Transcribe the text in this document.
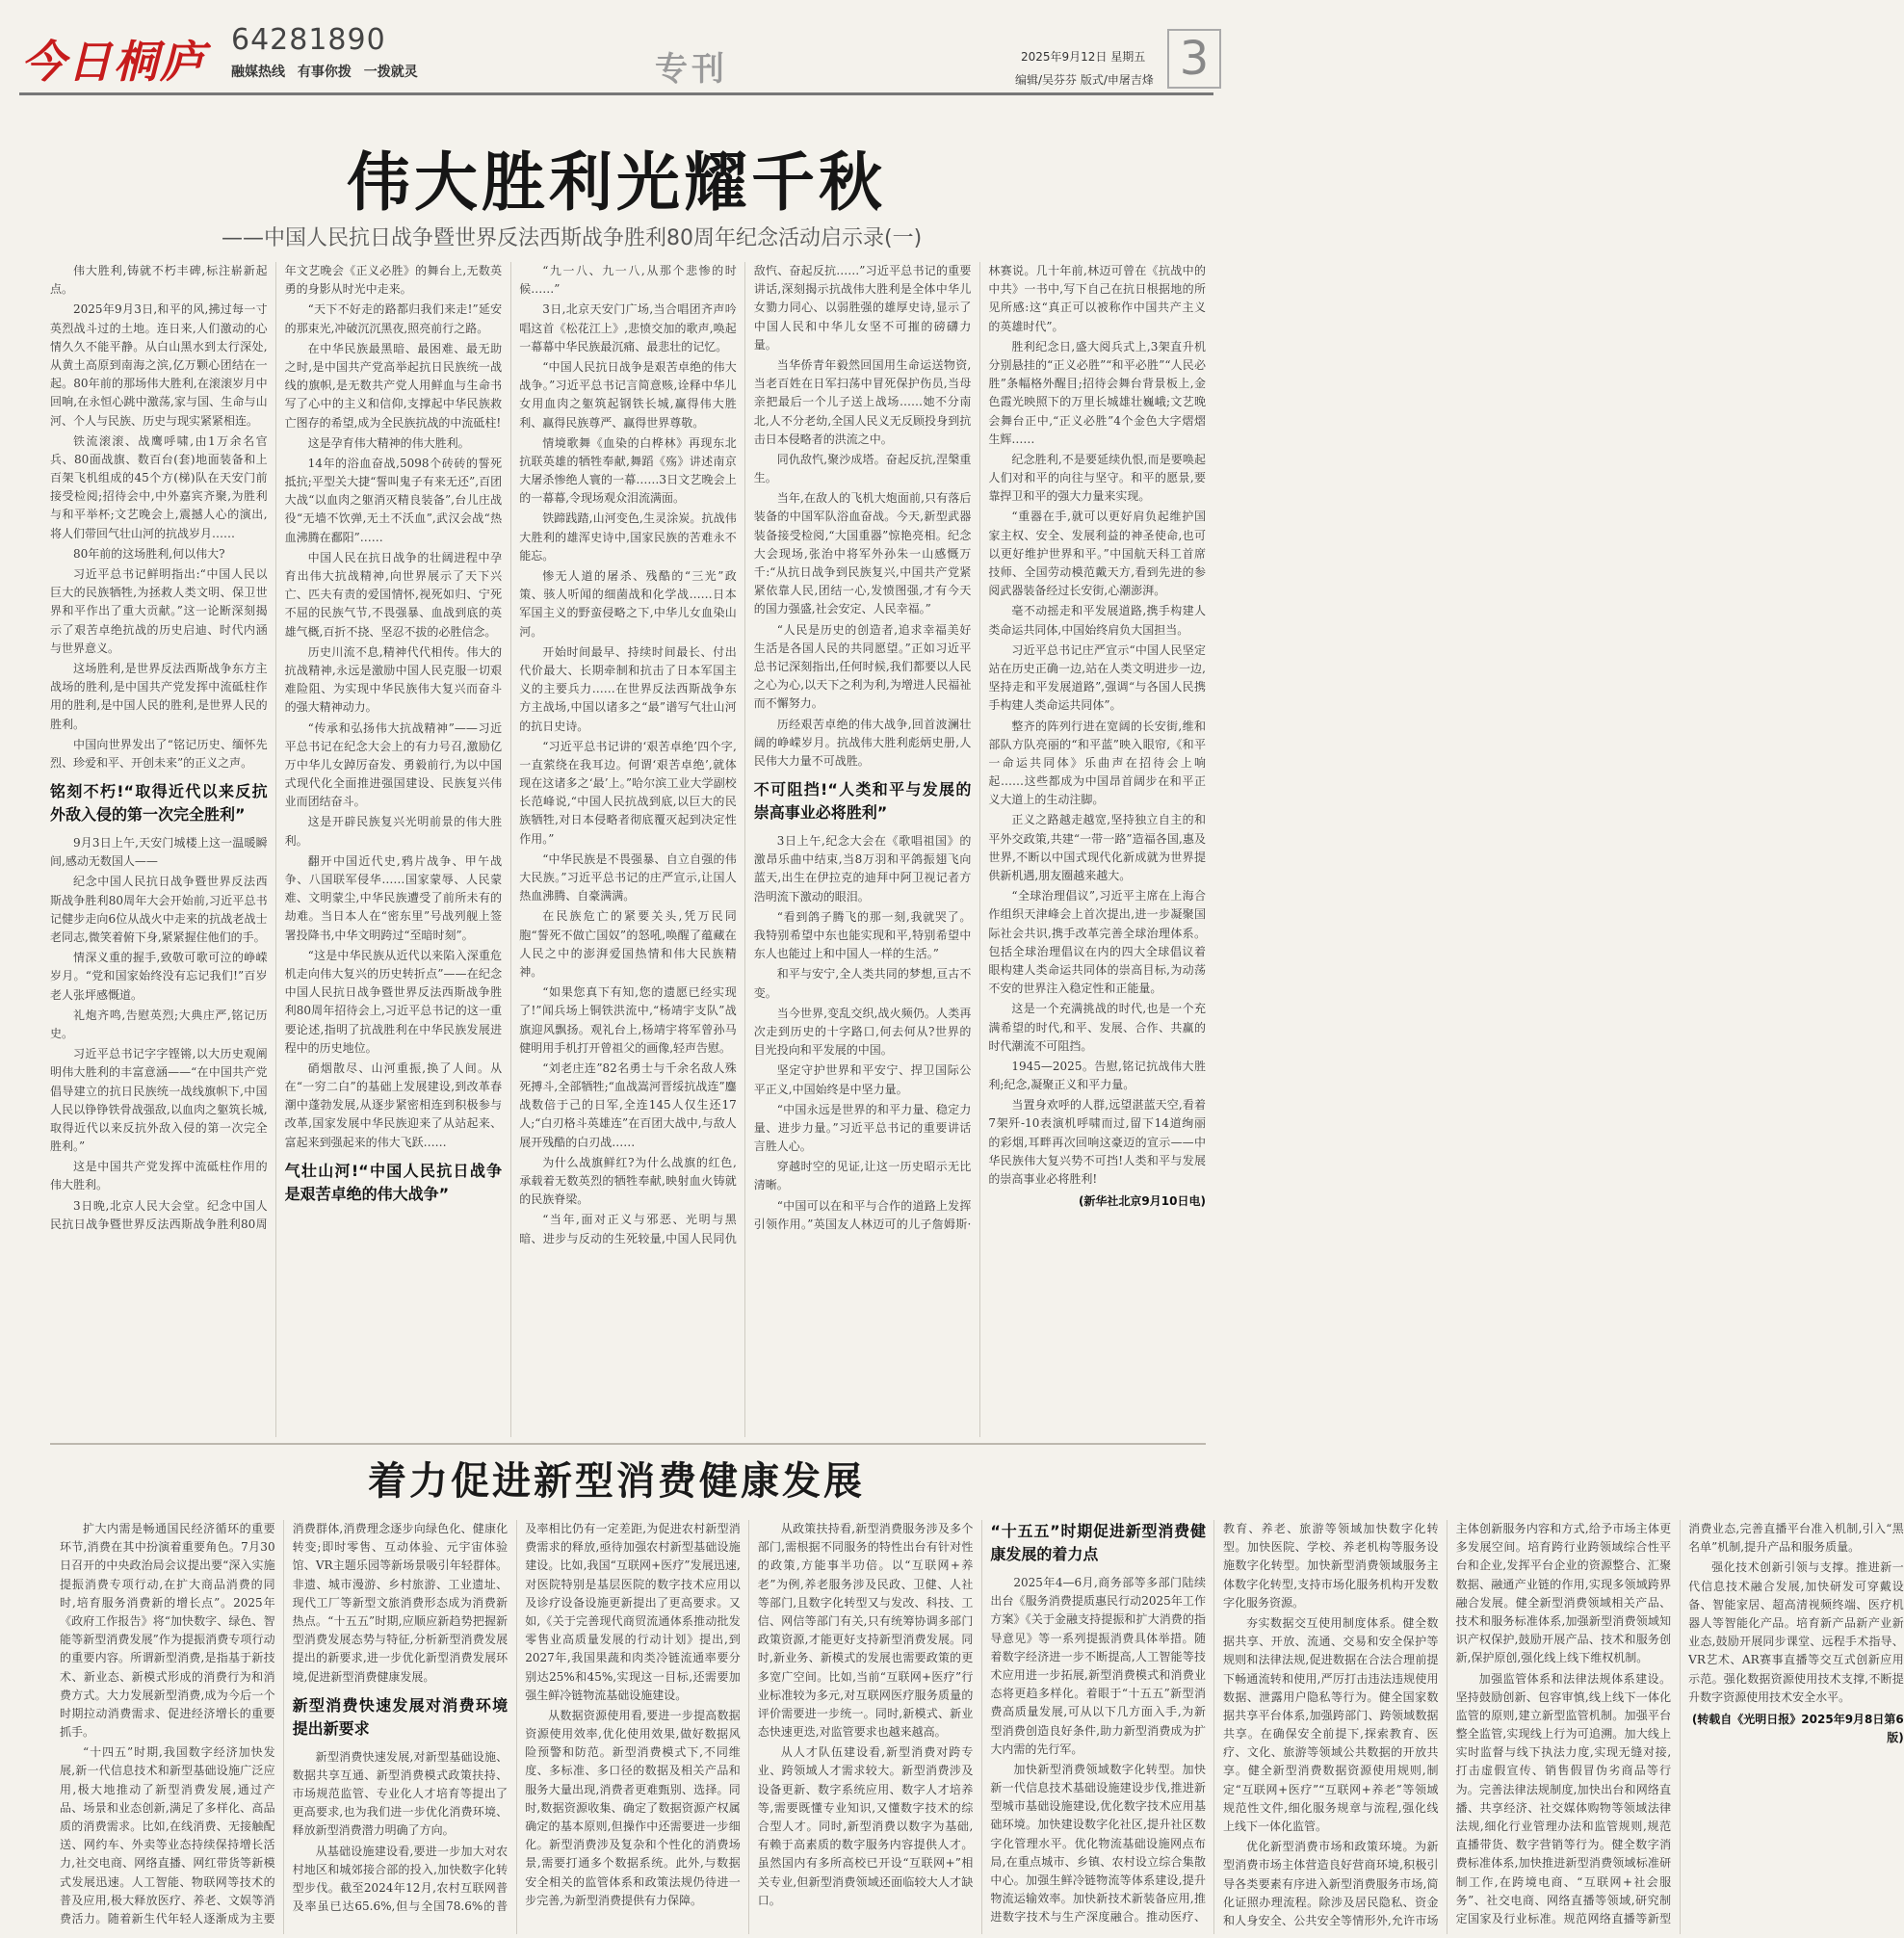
今日桐庐 64281890
融媒热线 有事你拨 一拨就灵	专刊	2025年9月12日 星期五
编辑/吴芬芬 版式/申屠吉烽 3
伟大胜利光耀千秋
——中国人民抗日战争暨世界反法西斯战争胜利80周年纪念活动启示录(一)

伟大胜利,铸就不朽丰碑,标注崭新起点。

2025年9月3日,和平的风,拂过每一寸英烈战斗过的土地。连日来,人们激动的心情久久不能平静。从白山黑水到太行深处,从黄土高原到南海之滨,亿万颗心团结在一起。80年前的那场伟大胜利,在滚滚岁月中回响,在永恒心跳中激荡,家与国、生命与山河、个人与民族、历史与现实紧紧相连。

铁流滚滚、战鹰呼啸,由1万余名官兵、80面战旗、数百台(套)地面装备和上百架飞机组成的45个方(梯)队在天安门前接受检阅;招待会中,中外嘉宾齐聚,为胜利与和平举杯;文艺晚会上,震撼人心的演出,将人们带回气壮山河的抗战岁月……

80年前的这场胜利,何以伟大?

习近平总书记鲜明指出:“中国人民以巨大的民族牺牲,为拯救人类文明、保卫世界和平作出了重大贡献。”这一论断深刻揭示了艰苦卓绝抗战的历史启迪、时代内涵与世界意义。

这场胜利,是世界反法西斯战争东方主战场的胜利,是中国共产党发挥中流砥柱作用的胜利,是中国人民的胜利,是世界人民的胜利。

中国向世界发出了“铭记历史、缅怀先烈、珍爱和平、开创未来”的正义之声。

铭刻不朽!“取得近代以来反抗外敌入侵的第一次完全胜利”

9月3日上午,天安门城楼上这一温暖瞬间,感动无数国人——

纪念中国人民抗日战争暨世界反法西斯战争胜利80周年大会开始前,习近平总书记健步走向6位从战火中走来的抗战老战士老同志,微笑着俯下身,紧紧握住他们的手。

情深义重的握手,致敬可歌可泣的峥嵘岁月。“党和国家始终没有忘记我们!”百岁老人张坪感慨道。

礼炮齐鸣,告慰英烈;大典庄严,铭记历史。

习近平总书记字字铿锵,以大历史观阐明伟大胜利的丰富意涵——“在中国共产党倡导建立的抗日民族统一战线旗帜下,中国人民以铮铮铁骨战强敌,以血肉之躯筑长城,取得近代以来反抗外敌入侵的第一次完全胜利。”

这是中国共产党发挥中流砥柱作用的伟大胜利。

3日晚,北京人民大会堂。纪念中国人民抗日战争暨世界反法西斯战争胜利80周年文艺晚会《正义必胜》的舞台上,无数英勇的身影从时光中走来。

“天下不好走的路都归我们来走!”延安的那束光,冲破沉沉黑夜,照亮前行之路。

在中华民族最黑暗、最困难、最无助之时,是中国共产党高举起抗日民族统一战线的旗帜,是无数共产党人用鲜血与生命书写了心中的主义和信仰,支撑起中华民族救亡图存的希望,成为全民族抗战的中流砥柱!

这是孕育伟大精神的伟大胜利。

14年的浴血奋战,5098个砖砖的誓死抵抗;平型关大捷“誓叫鬼子有来无还”,百团大战“以血肉之躯消灭精良装备”,台儿庄战役“无墙不饮弹,无土不沃血”,武汉会战“热血沸腾在鄱阳”……

中国人民在抗日战争的壮阔进程中孕育出伟大抗战精神,向世界展示了天下兴亡、匹夫有责的爱国情怀,视死如归、宁死不屈的民族气节,不畏强暴、血战到底的英雄气概,百折不挠、坚忍不拔的必胜信念。

历史川流不息,精神代代相传。伟大的抗战精神,永远是激励中国人民克服一切艰难险阻、为实现中华民族伟大复兴而奋斗的强大精神动力。

“传承和弘扬伟大抗战精神”——习近平总书记在纪念大会上的有力号召,激励亿万中华儿女踔厉奋发、勇毅前行,为以中国式现代化全面推进强国建设、民族复兴伟业而团结奋斗。

这是开辟民族复兴光明前景的伟大胜利。

翻开中国近代史,鸦片战争、甲午战争、八国联军侵华……国家蒙辱、人民蒙难、文明蒙尘,中华民族遭受了前所未有的劫难。当日本人在“密东里”号战列舰上签署投降书,中华文明跨过“至暗时刻”。

“这是中华民族从近代以来陷入深重危机走向伟大复兴的历史转折点”——在纪念中国人民抗日战争暨世界反法西斯战争胜利80周年招待会上,习近平总书记的这一重要论述,指明了抗战胜利在中华民族发展进程中的历史地位。

硝烟散尽、山河重振,换了人间。从在“一穷二白”的基础上发展建设,到改革春潮中蓬勃发展,从逐步紧密相连到积极参与改革,国家发展中华民族迎来了从站起来、富起来到强起来的伟大飞跃……

气壮山河!“中国人民抗日战争是艰苦卓绝的伟大战争”

“九一八、九一八,从那个悲惨的时候……”

3日,北京天安门广场,当合唱团齐声吟唱这首《松花江上》,悲愤交加的歌声,唤起一幕幕中华民族最沉痛、最悲壮的记忆。

“中国人民抗日战争是艰苦卓绝的伟大战争。”习近平总书记言简意赅,诠释中华儿女用血肉之躯筑起钢铁长城,赢得伟大胜利、赢得民族尊严、赢得世界尊敬。

情境歌舞《血染的白桦林》再现东北抗联英雄的牺牲奉献,舞蹈《殇》讲述南京大屠杀惨绝人寰的一幕……3日文艺晚会上的一幕幕,令现场观众泪流满面。

铁蹄践踏,山河变色,生灵涂炭。抗战伟大胜利的雄浑史诗中,国家民族的苦难永不能忘。

惨无人道的屠杀、残酷的“三光”政策、骇人听闻的细菌战和化学战……日本军国主义的野蛮侵略之下,中华儿女血染山河。

开始时间最早、持续时间最长、付出代价最大、长期牵制和抗击了日本军国主义的主要兵力……在世界反法西斯战争东方主战场,中国以诸多之“最”谱写气壮山河的抗日史诗。

“习近平总书记讲的‘艰苦卓绝’四个字,一直萦绕在我耳边。何谓‘艰苦卓绝’,就体现在这诸多之‘最’上。”哈尔滨工业大学副校长范峰说,“中国人民抗战到底,以巨大的民族牺牲,对日本侵略者彻底覆灭起到决定性作用。”

“中华民族是不畏强暴、自立自强的伟大民族。”习近平总书记的庄严宣示,让国人热血沸腾、自豪满满。

在民族危亡的紧要关头,凭万民同胞“誓死不做亡国奴”的怒吼,唤醒了蕴藏在人民之中的澎湃爱国热情和伟大民族精神。

“如果您真下有知,您的遗愿已经实现了!”闻兵场上铜铁洪流中,“杨靖宇支队”战旗迎风飘扬。观礼台上,杨靖宇将军曾孙马健明用手机打开曾祖父的画像,轻声告慰。

“刘老庄连”82名勇士与千余名敌人殊死搏斗,全部牺牲;“血战嵩河晋绥抗战连”鏖战数倍于己的日军,全连145人仅生还17人;“白刃格斗英雄连”在百团大战中,与敌人展开残酷的白刃战……

为什么战旗鲜红?为什么战旗的红色,承载着无数英烈的牺牲奉献,映射血火铸就的民族脊梁。

“当年,面对正义与邪恶、光明与黑暗、进步与反动的生死较量,中国人民同仇敌忾、奋起反抗……”习近平总书记的重要讲话,深刻揭示抗战伟大胜利是全体中华儿女勠力同心、以弱胜强的雄厚史诗,显示了中国人民和中华儿女坚不可摧的磅礴力量。

当华侨青年毅然回国用生命运送物资,当老百姓在日军扫荡中冒死保护伤员,当母亲把最后一个儿子送上战场……她不分南北,人不分老幼,全国人民义无反顾投身到抗击日本侵略者的洪流之中。

同仇敌忾,聚沙成塔。奋起反抗,涅槃重生。

当年,在敌人的飞机大炮面前,只有落后装备的中国军队浴血奋战。今天,新型武器装备接受检阅,“大国重器”惊艳亮相。纪念大会现场,张治中将军外孙朱一山感慨万千:“从抗日战争到民族复兴,中国共产党紧紧依靠人民,团结一心,发愤图强,才有今天的国力强盛,社会安定、人民幸福。”

“人民是历史的创造者,追求幸福美好生活是各国人民的共同愿望。”正如习近平总书记深刻指出,任何时候,我们都要以人民之心为心,以天下之利为利,为增进人民福祉而不懈努力。

历经艰苦卓绝的伟大战争,回首波澜壮阔的峥嵘岁月。抗战伟大胜利彪炳史册,人民伟大力量不可战胜。

不可阻挡!“人类和平与发展的崇高事业必将胜利”

3日上午,纪念大会在《歌唱祖国》的激昂乐曲中结束,当8万羽和平鸽振翅飞向蓝天,出生在伊拉克的迪拜中阿卫视记者方浩明流下激动的眼泪。

“看到鸽子腾飞的那一刻,我就哭了。我特别希望中东也能实现和平,特别希望中东人也能过上和中国人一样的生活。”

和平与安宁,全人类共同的梦想,亘古不变。

当今世界,变乱交织,战火频仍。人类再次走到历史的十字路口,何去何从?世界的目光投向和平发展的中国。

坚定守护世界和平安宁、捍卫国际公平正义,中国始终是中坚力量。

“中国永远是世界的和平力量、稳定力量、进步力量。”习近平总书记的重要讲话言胜人心。

穿越时空的见证,让这一历史昭示无比清晰。

“中国可以在和平与合作的道路上发挥引领作用。”英国友人林迈可的儿子詹姆斯·林赛说。几十年前,林迈可曾在《抗战中的中共》一书中,写下自己在抗日根据地的所见所感:这“真正可以被称作中国共产主义的英雄时代”。

胜利纪念日,盛大阅兵式上,3架直升机分别悬挂的“正义必胜”“和平必胜”“人民必胜”条幅格外醒目;招待会舞台背景板上,金色霞光映照下的万里长城雄壮巍峨;文艺晚会舞台正中,“正义必胜”4个金色大字熠熠生辉……

纪念胜利,不是要延续仇恨,而是要唤起人们对和平的向往与坚守。和平的愿景,要靠捍卫和平的强大力量来实现。

“重器在手,就可以更好肩负起维护国家主权、安全、发展利益的神圣使命,也可以更好维护世界和平。”中国航天科工首席技师、全国劳动模范戴天方,看到先进的参阅武器装备经过长安街,心潮澎湃。

毫不动摇走和平发展道路,携手构建人类命运共同体,中国始终肩负大国担当。

习近平总书记庄严宣示“中国人民坚定站在历史正确一边,站在人类文明进步一边,坚持走和平发展道路”,强调“与各国人民携手构建人类命运共同体”。

整齐的阵列行进在宽阔的长安街,维和部队方队亮丽的“和平蓝”映入眼帘,《和平一命运共同体》乐曲声在招待会上响起……这些都成为中国昂首阔步在和平正义大道上的生动注脚。

正义之路越走越宽,坚持独立自主的和平外交政策,共建“一带一路”造福各国,惠及世界,不断以中国式现代化新成就为世界提供新机遇,朋友圈越来越大。

“全球治理倡议”,习近平主席在上海合作组织天津峰会上首次提出,进一步凝聚国际社会共识,携手改革完善全球治理体系。包括全球治理倡议在内的四大全球倡议着眼构建人类命运共同体的崇高目标,为动荡不安的世界注入稳定性和正能量。

这是一个充满挑战的时代,也是一个充满希望的时代,和平、发展、合作、共赢的时代潮流不可阻挡。

1945—2025。告慰,铭记抗战伟大胜利;纪念,凝聚正义和平力量。

当置身欢呼的人群,远望湛蓝天空,看着7架歼-10表演机呼啸而过,留下14道绚丽的彩烟,耳畔再次回响这豪迈的宣示——中华民族伟大复兴势不可挡!人类和平与发展的崇高事业必将胜利!

(新华社北京9月10日电)

着力促进新型消费健康发展

扩大内需是畅通国民经济循环的重要环节,消费在其中扮演着重要角色。7月30日召开的中央政治局会议提出要“深入实施提振消费专项行动,在扩大商品消费的同时,培育服务消费新的增长点”。2025年《政府工作报告》将“加快数字、绿色、智能等新型消费发展”作为提振消费专项行动的重要内容。所谓新型消费,是指基于新技术、新业态、新模式形成的消费行为和消费方式。大力发展新型消费,成为今后一个时期拉动消费需求、促进经济增长的重要抓手。

“十四五”时期,我国数字经济加快发展,新一代信息技术和新型基础设施广泛应用,极大地推动了新型消费发展,通过产品、场景和业态创新,满足了多样化、高品质的消费需求。比如,在线消费、无接触配送、网约车、外卖等业态持续保持增长活力,社交电商、网络直播、网红带货等新模式发展迅速。人工智能、物联网等技术的普及应用,极大释放医疗、养老、文娱等消费活力。随着新生代年轻人逐渐成为主要消费群体,消费理念逐步向绿色化、健康化转变;即时零售、互动体验、元宇宙体验馆、VR主题乐园等新场景吸引年轻群体。非遗、城市漫游、乡村旅游、工业遗址、现代工厂等新型文旅消费形态成为消费新热点。“十五五”时期,应顺应新趋势把握新型消费发展态势与特征,分析新型消费发展提出的新要求,进一步优化新型消费发展环境,促进新型消费健康发展。

新型消费快速发展对消费环境提出新要求

新型消费快速发展,对新型基础设施、数据共享互通、新型消费模式政策扶持、市场规范监管、专业化人才培育等提出了更高要求,也为我们进一步优化消费环境、释放新型消费潜力明确了方向。

从基础设施建设看,要进一步加大对农村地区和城郊接合部的投入,加快数字化转型步伐。截至2024年12月,农村互联网普及率虽已达65.6%,但与全国78.6%的普及率相比仍有一定差距,为促进农村新型消费需求的释放,亟待加强农村新型基础设施建设。比如,我国“互联网+医疗”发展迅速,对医院特别是基层医院的数字技术应用以及诊疗设备设施更新提出了更高要求。又如,《关于完善现代商贸流通体系推动批发零售业高质量发展的行动计划》提出,到2027年,我国果蔬和肉类冷链流通率要分别达25%和45%,实现这一目标,还需要加强生鲜冷链物流基础设施建设。

从数据资源使用看,要进一步提高数据资源使用效率,优化使用效果,做好数据风险预警和防范。新型消费模式下,不同维度、多标准、多口径的数据及相关产品和服务大量出现,消费者更难甄别、选择。同时,数据资源收集、确定了数据资源产权属确定的基本原则,但操作中还需要进一步细化。新型消费涉及复杂和个性化的消费场景,需要打通多个数据系统。此外,与数据安全相关的监管体系和政策法规仍待进一步完善,为新型消费提供有力保障。

从政策扶持看,新型消费服务涉及多个部门,需根据不同服务的特性出台有针对性的政策,方能事半功倍。以“互联网+养老”为例,养老服务涉及民政、卫健、人社等部门,且数字化转型又与发改、科技、工信、网信等部门有关,只有统筹协调多部门政策资源,才能更好支持新型消费发展。同时,新业务、新模式的发展也需要政策的更多宽广空间。比如,当前“互联网+医疗”行业标准较为多元,对互联网医疗服务质量的评价需要进一步统一。同时,新模式、新业态快速更迭,对监管要求也越来越高。

从人才队伍建设看,新型消费对跨专业、跨领域人才需求较大。新型消费涉及设备更新、数字系统应用、数字人才培养等,需要既懂专业知识,又懂数字技术的综合型人才。同时,新型消费以数字为基础,有赖于高素质的数字服务内容提供人才。虽然国内有多所高校已开设“互联网+”相关专业,但新型消费领域还面临较大人才缺口。

“十五五”时期促进新型消费健康发展的着力点

2025年4—6月,商务部等多部门陆续出台《服务消费提质惠民行动2025年工作方案》《关于金融支持提振和扩大消费的指导意见》等一系列提振消费具体举措。随着数字经济进一步不断提高,人工智能等技术应用进一步拓展,新型消费模式和消费业态将更趋多样化。着眼于“十五五”新型消费高质量发展,可从以下几方面入手,为新型消费创造良好条件,助力新型消费成为扩大内需的先行军。

加快新型消费领域数字化转型。加快新一代信息技术基础设施建设步伐,推进新型城市基础设施建设,优化数字技术应用基础环境。加快建设数字化社区,提升社区数字化管理水平。优化物流基础设施网点布局,在重点城市、乡镇、农村设立综合集散中心。加强生鲜冷链物流等体系建设,提升物流运输效率。加快新技术新装备应用,推进数字技术与生产深度融合。推动医疗、教育、养老、旅游等领域加快数字化转型。加快医院、学校、养老机构等服务设施数字化转型。加快新型消费领域服务主体数字化转型,支持市场化服务机构开发数字化服务资源。

夯实数据交互使用制度体系。健全数据共享、开放、流通、交易和安全保护等规则和法律法规,促进数据在合法合理前提下畅通流转和使用,严厉打击违法违规使用数据、泄露用户隐私等行为。健全国家数据共享平台体系,加强跨部门、跨领域数据共享。在确保安全前提下,探索教育、医疗、文化、旅游等领域公共数据的开放共享。健全新型消费数据资源使用规则,制定“互联网+医疗”“互联网+养老”等领域规范性文件,细化服务规章与流程,强化线上线下一体化监管。

优化新型消费市场和政策环境。为新型消费市场主体营造良好营商环境,积极引导各类要素有序进入新型消费服务市场,简化证照办理流程。除涉及居民隐私、资金和人身安全、公共安全等情形外,允许市场主体创新服务内容和方式,给予市场主体更多发展空间。培育跨行业跨领域综合性平台和企业,发挥平台企业的资源整合、汇聚数据、融通产业链的作用,实现多领域跨界融合发展。健全新型消费领域相关产品、技术和服务标准体系,加强新型消费领域知识产权保护,鼓励开展产品、技术和服务创新,保护原创,强化线上线下维权机制。

加强监管体系和法律法规体系建设。坚持鼓励创新、包容审慎,线上线下一体化监管的原则,建立新型监管机制。加强平台整全监管,实现线上行为可追溯。加大线上实时监督与线下执法力度,实现无缝对接,打击虚假宣传、销售假冒伪劣商品等行为。完善法律法规制度,加快出台和网络直播、共享经济、社交媒体购物等领域法律法规,细化行业管理办法和监管规则,规范直播带货、数字营销等行为。健全数字消费标准体系,加快推进新型消费领域标准研制工作,在跨境电商、“互联网+社会服务”、社交电商、网络直播等领域,研究制定国家及行业标准。规范网络直播等新型消费业态,完善直播平台准入机制,引入“黑名单”机制,提升产品和服务质量。

强化技术创新引领与支撑。推进新一代信息技术融合发展,加快研发可穿戴设备、智能家居、超高清视频终端、医疗机器人等智能化产品。培育新产品新产业新业态,鼓励开展同步课堂、远程手术指导、VR艺术、AR赛事直播等交互式创新应用示范。强化数据资源使用技术支撑,不断提升数字资源使用技术安全水平。

(转载自《光明日报》2025年9月8日第6版)
